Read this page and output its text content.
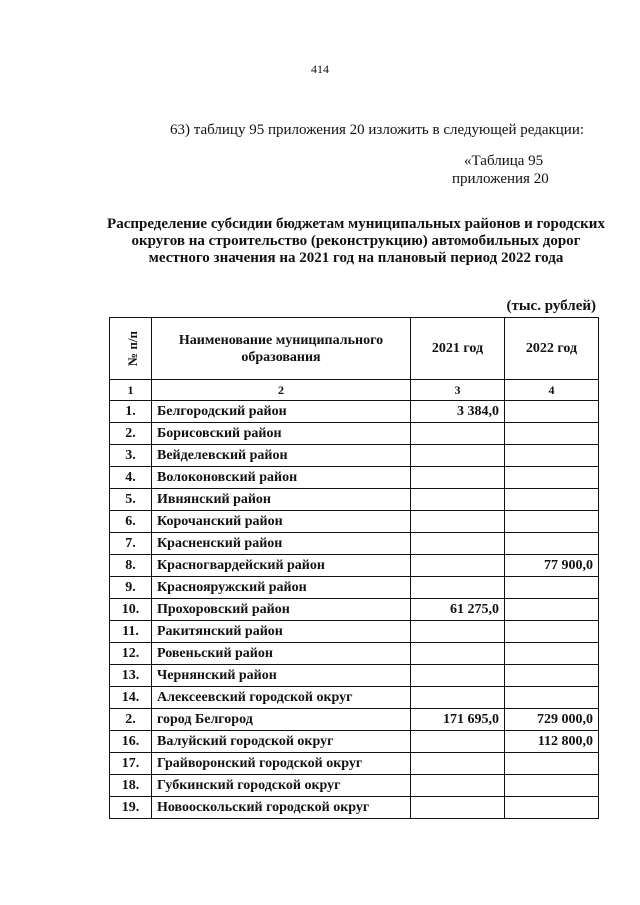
414
63) таблицу 95 приложения 20 изложить в следующей редакции:
«Таблица 95
приложения 20
Распределение субсидии бюджетам муниципальных районов и городских
округов на строительство (реконструкцию) автомобильных дорог
местного значения на 2021 год на плановый период 2022 года
(тыс. рублей)
№ п/п	Наименование муниципального образования	2021 год	2022 год
1	2	3	4
1.	Белгородский район	3 384,0	
2.	Борисовский район		
3.	Вейделевский район		
4.	Волоконовский район		
5.	Ивнянский район		
6.	Корочанский район		
7.	Красненский район		
8.	Красногвардейский район		77 900,0
9.	Краснояружский район		
10.	Прохоровский район	61 275,0	
11.	Ракитянский район		
12.	Ровеньский район		
13.	Чернянский район		
14.	Алексеевский городской округ		
2.	город Белгород	171 695,0	729 000,0
16.	Валуйский городской округ		112 800,0
17.	Грайворонский городской округ		
18.	Губкинский городской округ		
19.	Новооскольский городской округ		
